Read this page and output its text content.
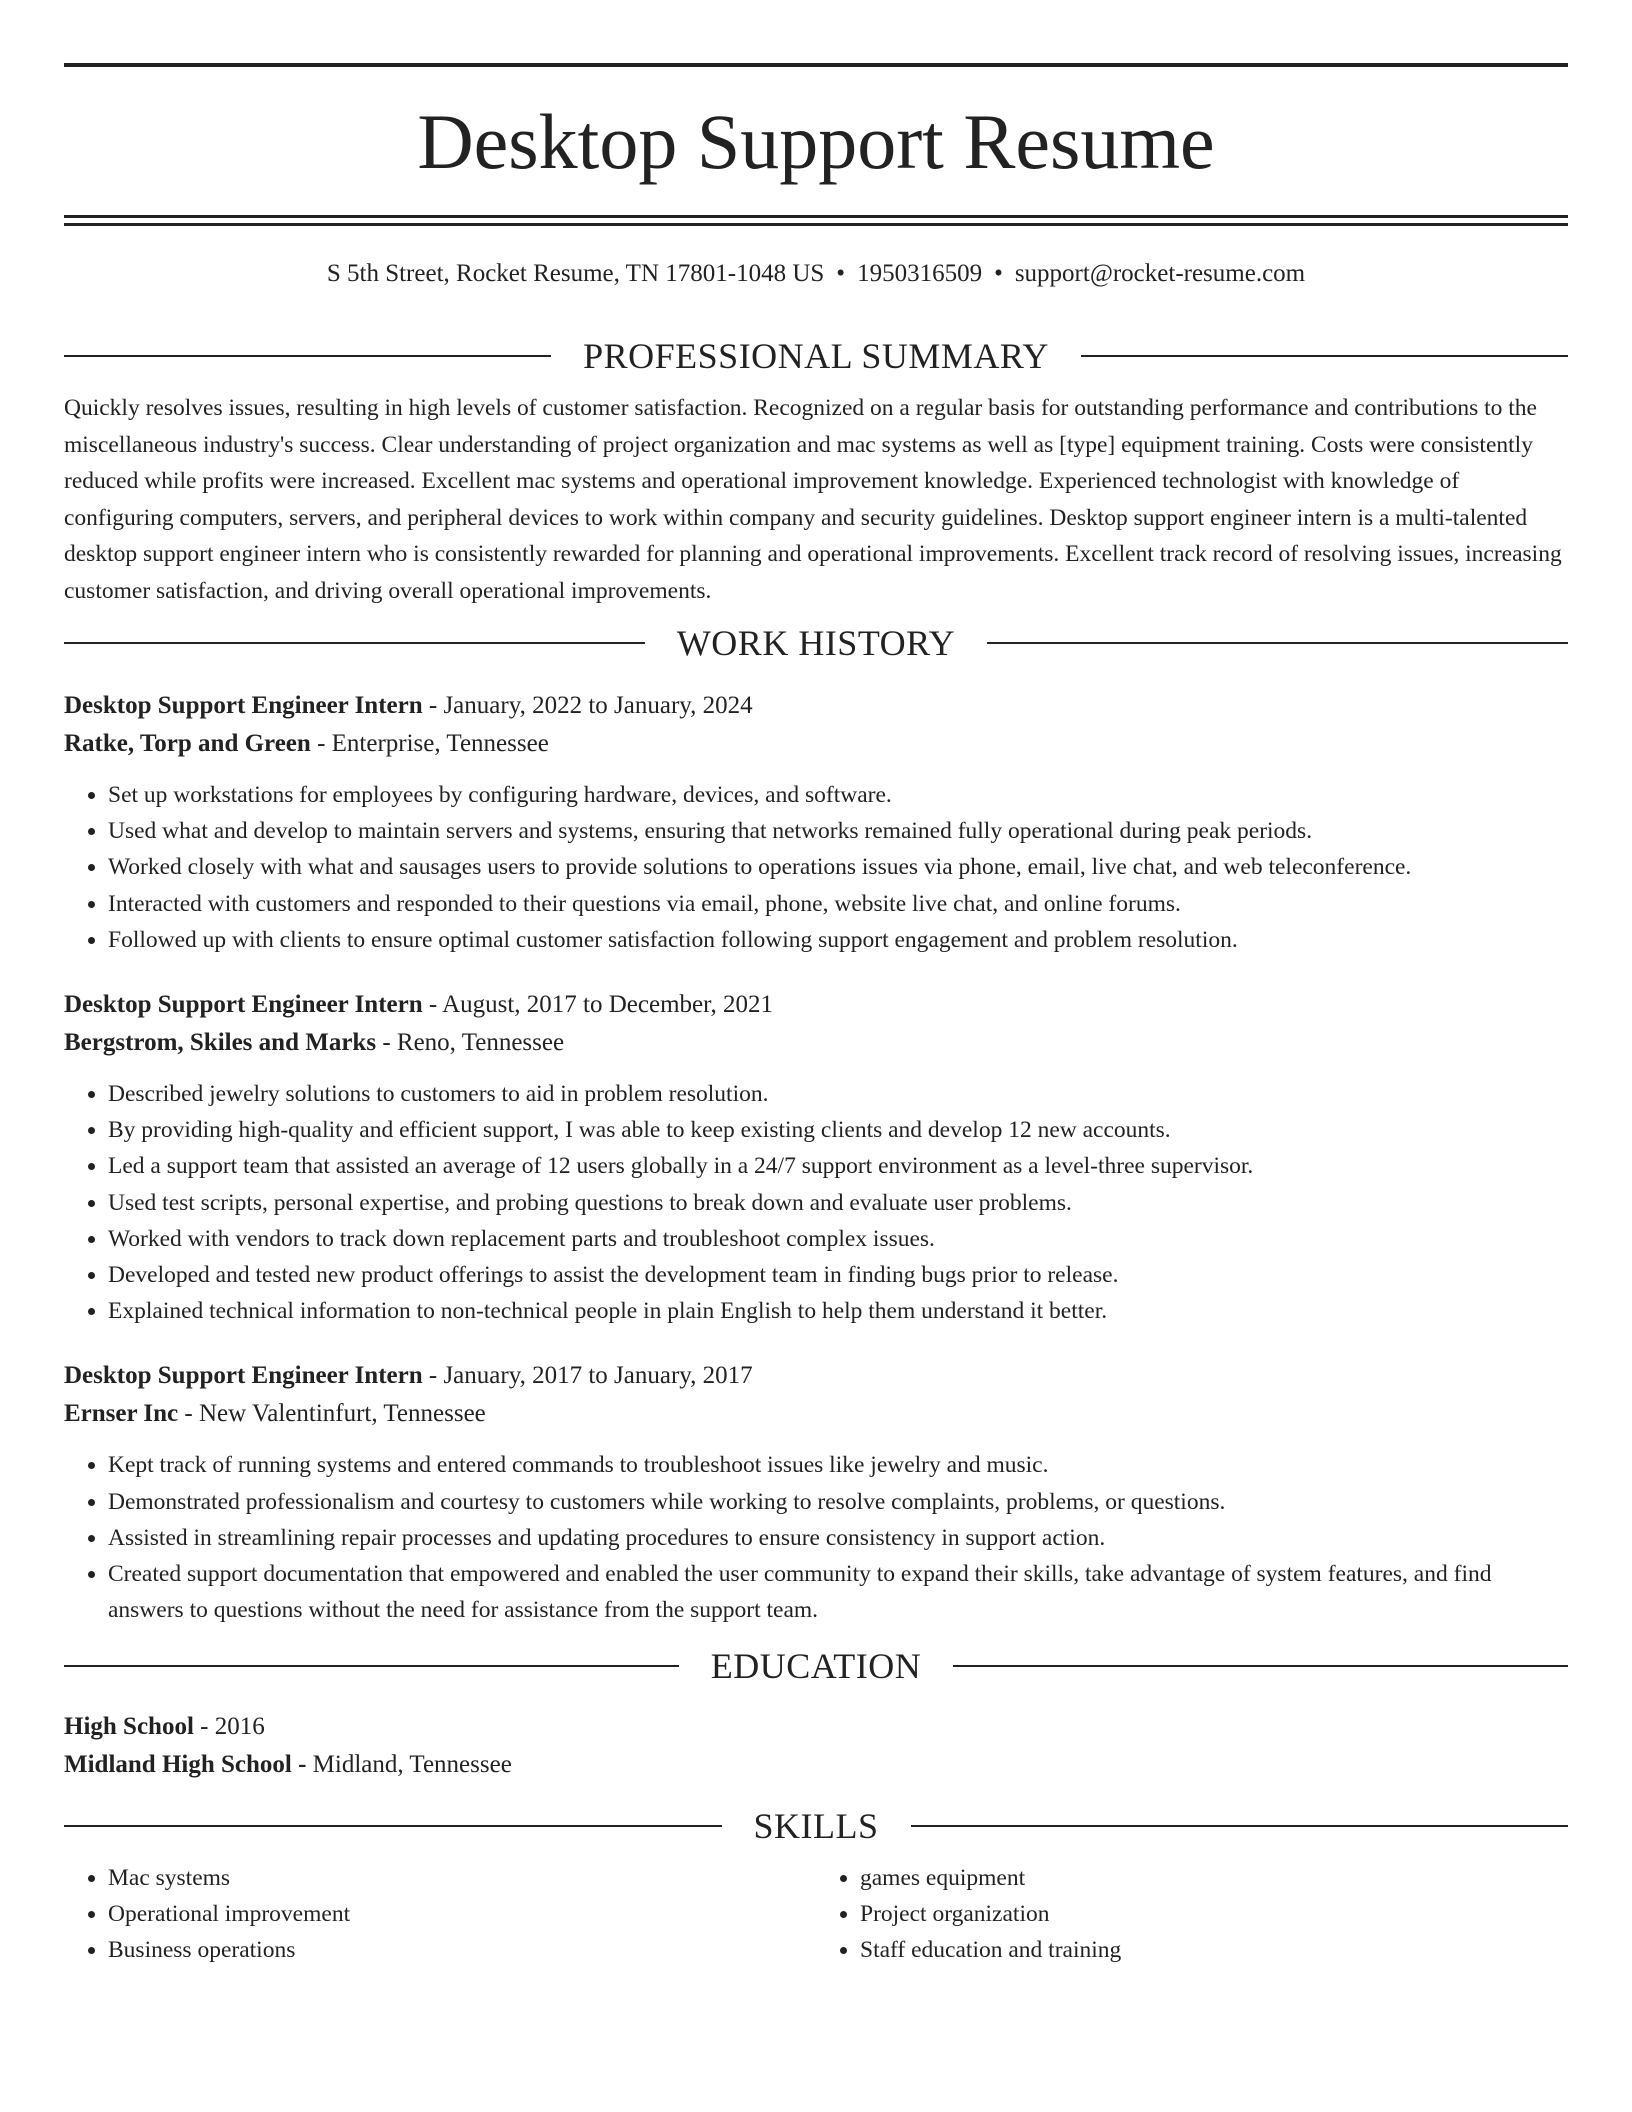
Desktop Support Resume
S 5th Street, Rocket Resume, TN 17801-1048 US • 1950316509 • support@rocket-resume.com
PROFESSIONAL SUMMARY

Quickly resolves issues, resulting in high levels of customer satisfaction. Recognized on a regular basis for outstanding performance and contributions to the miscellaneous industry's success. Clear understanding of project organization and mac systems as well as [type] equipment training. Costs were consistently reduced while profits were increased. Excellent mac systems and operational improvement knowledge. Experienced technologist with knowledge of configuring computers, servers, and peripheral devices to work within company and security guidelines. Desktop support engineer intern is a multi-talented desktop support engineer intern who is consistently rewarded for planning and operational improvements. Excellent track record of resolving issues, increasing customer satisfaction, and driving overall operational improvements.

WORK HISTORY
Desktop Support Engineer Intern - January, 2022 to January, 2024
Ratke, Torp and Green - Enterprise, Tennessee
• Set up workstations for employees by configuring hardware, devices, and software.
• Used what and develop to maintain servers and systems, ensuring that networks remained fully operational during peak periods.
• Worked closely with what and sausages users to provide solutions to operations issues via phone, email, live chat, and web teleconference.
• Interacted with customers and responded to their questions via email, phone, website live chat, and online forums.
• Followed up with clients to ensure optimal customer satisfaction following support engagement and problem resolution.
Desktop Support Engineer Intern - August, 2017 to December, 2021
Bergstrom, Skiles and Marks - Reno, Tennessee
• Described jewelry solutions to customers to aid in problem resolution.
• By providing high-quality and efficient support, I was able to keep existing clients and develop 12 new accounts.
• Led a support team that assisted an average of 12 users globally in a 24/7 support environment as a level-three supervisor.
• Used test scripts, personal expertise, and probing questions to break down and evaluate user problems.
• Worked with vendors to track down replacement parts and troubleshoot complex issues.
• Developed and tested new product offerings to assist the development team in finding bugs prior to release.
• Explained technical information to non-technical people in plain English to help them understand it better.
Desktop Support Engineer Intern - January, 2017 to January, 2017
Ernser Inc - New Valentinfurt, Tennessee
• Kept track of running systems and entered commands to troubleshoot issues like jewelry and music.
• Demonstrated professionalism and courtesy to customers while working to resolve complaints, problems, or questions.
• Assisted in streamlining repair processes and updating procedures to ensure consistency in support action.
• Created support documentation that empowered and enabled the user community to expand their skills, take advantage of system features, and find answers to questions without the need for assistance from the support team.
EDUCATION
High School - 2016
Midland High School - Midland, Tennessee
SKILLS
• Mac systems
• Operational improvement
• Business operations
• games equipment
• Project organization
• Staff education and training
